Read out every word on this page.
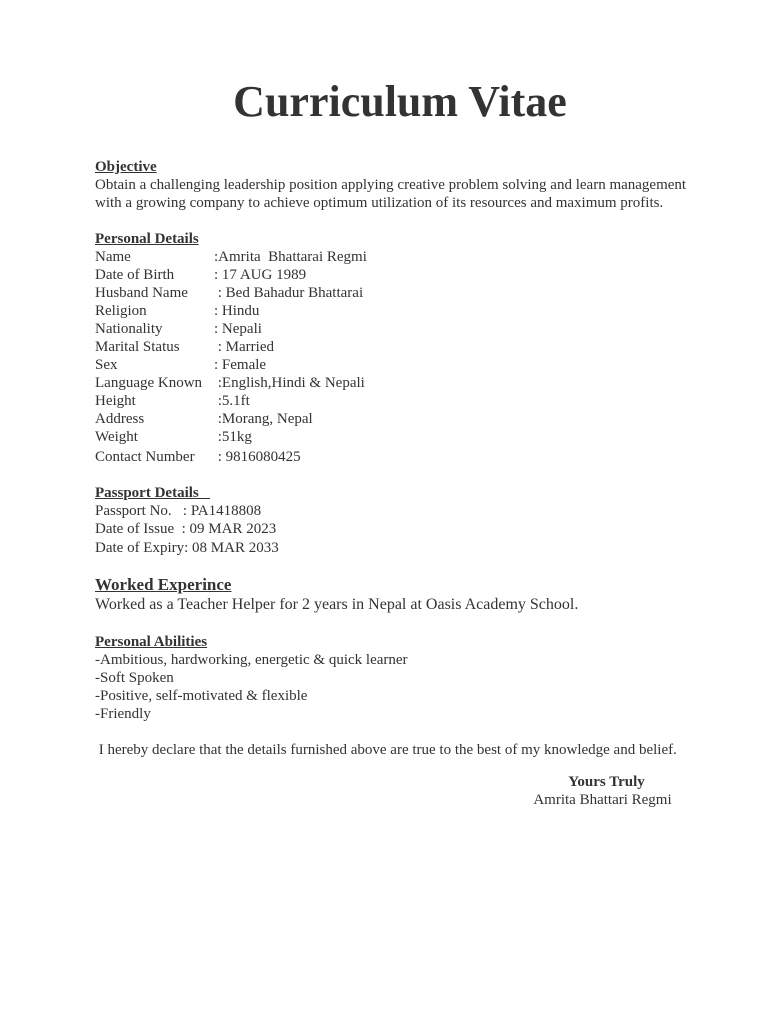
Curriculum Vitae
Objective

Obtain a challenging leadership position applying creative problem solving and learn management with a growing company to achieve optimum utilization of its resources and maximum profits.

Personal Details
Name	:Amrita  Bhattarai Regmi
Date of Birth	: 17 AUG 1989
Husband Name	: Bed Bahadur Bhattarai
Religion	: Hindu
Nationality	: Nepali
Marital Status	: Married
Sex	: Female
Language Known :English,Hindi & Nepali
Height	:5.1ft
Address	:Morang, Nepal
Weight	:51kg
Contact Number	: 9816080425
Passport Details
Passport No.   : PA1418808
Date of Issue  : 09 MAR 2023
Date of Expiry: 08 MAR 2033
Worked Experince
Worked as a Teacher Helper for 2 years in Nepal at Oasis Academy School.
Personal Abilities
-Ambitious, hardworking, energetic & quick learner
-Soft Spoken
-Positive, self-motivated & flexible
-Friendly
I hereby declare that the details furnished above are true to the best of my knowledge and belief.
Yours Truly
Amrita Bhattari Regmi
